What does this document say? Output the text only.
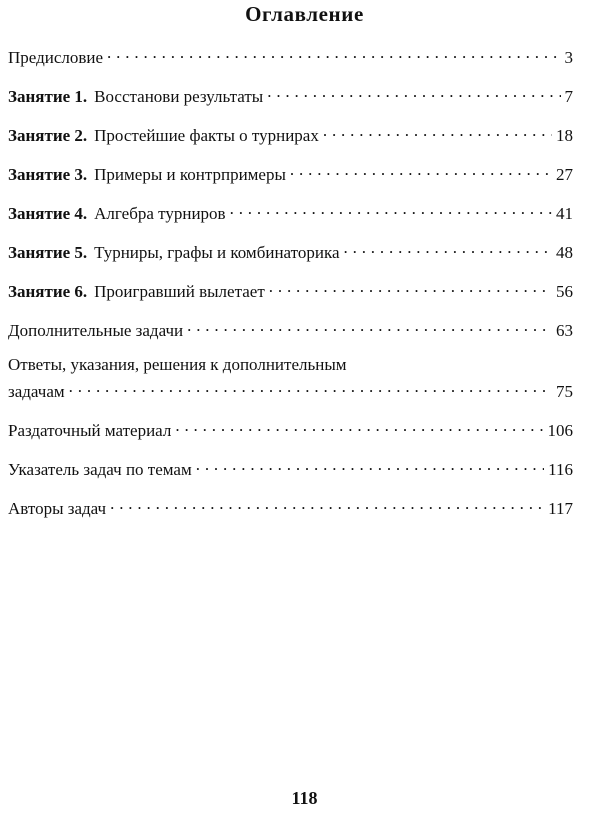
Оглавление
Предисловие . . .	3
Занятие 1. Восстанови результаты . . .	7
Занятие 2. Простейшие факты о турнирах . . .	18
Занятие 3. Примеры и контрпримеры . . .	27
Занятие 4. Алгебра турниров . . .	41
Занятие 5. Турниры, графы и комбинаторика . . .	48
Занятие 6. Проигравший вылетает . . .	56
Дополнительные задачи . . .	63
Ответы, указания, решения к дополнительным
задачам . . .	75
Раздаточный материал . . .	106
Указатель задач по темам . . .	116
Авторы задач . . .	117
118
